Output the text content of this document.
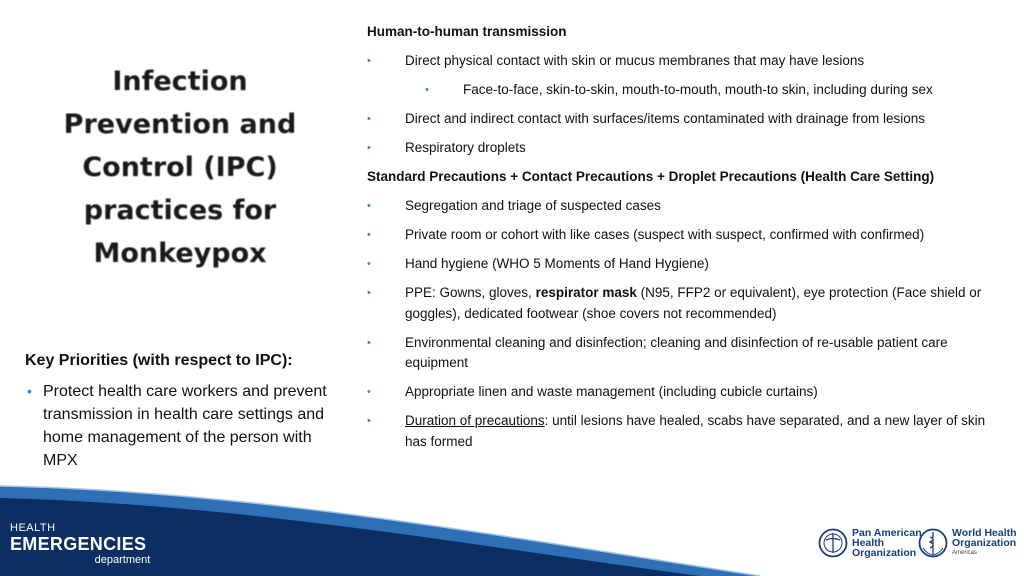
Infection
Prevention and
Control (IPC)
practices for
Monkeypox
Key Priorities (with respect to IPC):
• Protect health care workers and prevent transmission in health care settings and home management of the person with MPX
Human-to-human transmission
•	Direct physical contact with skin or mucus membranes that may have lesions
•	Face-to-face, skin-to-skin, mouth-to-mouth, mouth-to skin, including during sex
•	Direct and indirect contact with surfaces/items contaminated with drainage from lesions
•	Respiratory droplets
Standard Precautions + Contact Precautions + Droplet Precautions (Health Care Setting)
•	Segregation and triage of suspected cases
•	Private room or cohort with like cases (suspect with suspect, confirmed with confirmed)
•	Hand hygiene (WHO 5 Moments of Hand Hygiene)
•	PPE: Gowns, gloves, respirator mask (N95, FFP2 or equivalent), eye protection (Face shield or goggles), dedicated footwear (shoe covers not recommended)
•	Environmental cleaning and disinfection; cleaning and disinfection of re-usable patient care equipment
•	Appropriate linen and waste management (including cubicle curtains)
•	Duration of precautions: until lesions have healed, scabs have separated, and a new layer of skin has formed
HEALTH
EMERGENCIES
department
Pan American
Health
Organization
World Health
Organization
Americas
